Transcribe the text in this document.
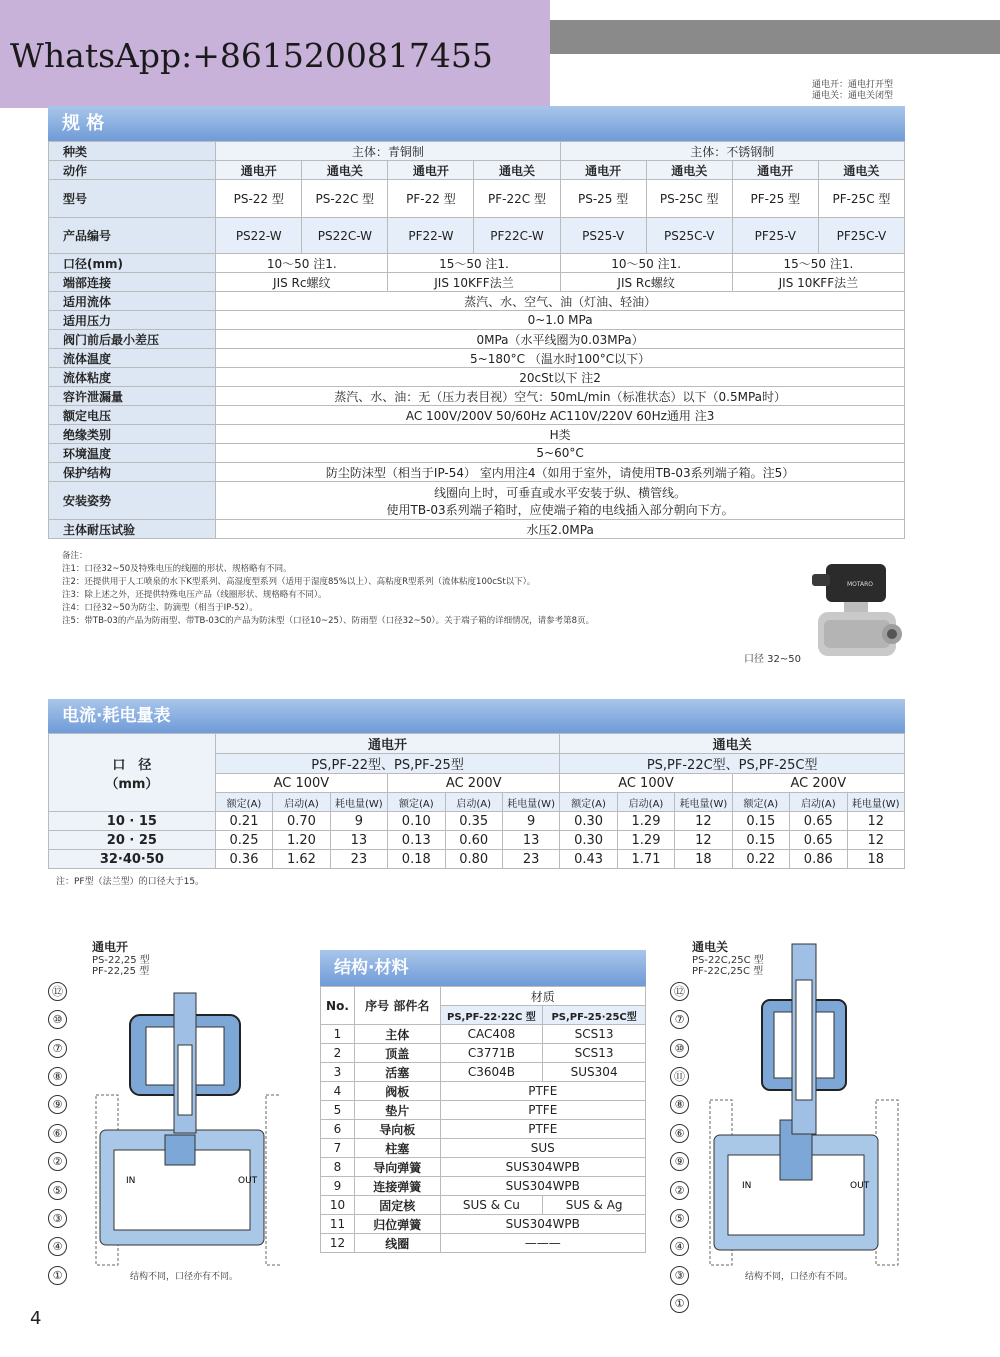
WhatsApp:+8615200817455
通电开：通电打开型
通电关：通电关闭型
规 格
种类	主体：青铜制				主体：不锈钢制			
动作	通电开	通电关	通电开	通电关	通电开	通电关	通电开	通电关
型号	PS-22 型	PS-22C 型	PF-22 型	PF-22C 型	PS-25 型	PS-25C 型	PF-25 型	PF-25C 型
产品编号	PS22-W	PS22C-W	PF22-W	PF22C-W	PS25-V	PS25C-V	PF25-V	PF25C-V
口径(mm)	10～50 注1.		15～50 注1.		10～50 注1.		15～50 注1.	
端部连接	JIS Rc螺纹		JIS 10KFF法兰		JIS Rc螺纹		JIS 10KFF法兰	
适用流体	蒸汽、水、空气、油（灯油、轻油）							
适用压力	0~1.0 MPa							
阀门前后最小差压	0MPa（水平线圈为0.03MPa）							
流体温度	5~180°C （温水时100°C以下）							
流体粘度	20cSt以下 注2							
容许泄漏量	蒸汽、水、油：无（压力表目视）空气：50mL/min（标准状态）以下（0.5MPa时）							
额定电压	AC 100V/200V 50/60Hz AC110V/220V 60Hz通用 注3							
绝缘类别	H类							
环境温度	5~60°C							
保护结构	防尘防沫型（相当于IP-54） 室内用注4（如用于室外，请使用TB-03系列端子箱。注5）							
安装姿势	线圈向上时，可垂直或水平安装于纵、横管线。
使用TB-03系列端子箱时，应使端子箱的电线插入部分朝向下方。							

主体耐压试验	水压2.0MPa							
备注：
注1：口径32~50及特殊电压的线圈的形状、规格略有不同。
注2：还提供用于人工喷泉的水下K型系列、高湿度型系列（适用于湿度85%以上）、高粘度R型系列（流体粘度100cSt以下）。
注3：除上述之外，还提供特殊电压产品（线圈形状、规格略有不同）。
注4：口径32~50为防尘、防滴型（相当于IP-52）。
注5：带TB-03的产品为防雨型、带TB-03C的产品为防沫型（口径10~25）、防雨型（口径32~50）。关于端子箱的详细情况，请参考第8页。
MOTARO
口径 32~50
电流·耗电量表
口　径
（mm）	通电开						通电关					
	PS,PF-22型、PS,PF-25型						PS,PF-22C型、PS,PF-25C型					
	AC 100V			AC 200V			AC 100V			AC 200V		
	额定(A)	启动(A)	耗电量(W)	额定(A)	启动(A)	耗电量(W)	额定(A)	启动(A)	耗电量(W)	额定(A)	启动(A)	耗电量(W)
10 · 15	0.21	0.70	9	0.10	0.35	9	0.30	1.29	12	0.15	0.65	12
20 · 25	0.25	1.20	13	0.13	0.60	13	0.30	1.29	12	0.15	0.65	12
32·40·50	0.36	1.62	23	0.18	0.80	23	0.43	1.71	18	0.22	0.86	18
注：PF型（法兰型）的口径大于15。
通电开
PS-22,25 型
PF-22,25 型
IN	OUT
⑫
⑩
⑦
⑧
⑨
⑥
②
⑤
③
④
①	结构不同，口径亦有不同。
结构·材料
No.	序号 部件名	材质	
		PS,PF-22·22C 型	PS,PF-25·25C型
1	主体	CAC408	SCS13
2	顶盖	C3771B	SCS13
3	活塞	C3604B	SUS304
4	阀板	PTFE	
5	垫片	PTFE	
6	导向板	PTFE	
7	柱塞	SUS	
8	导向弹簧	SUS304WPB	
9	连接弹簧	SUS304WPB	
10	固定核	SUS & Cu	SUS & Ag
11	归位弹簧	SUS304WPB	
12	线圈	———	
通电关
PS-22C,25C 型
PF-22C,25C 型
IN	OUT
⑫
⑦
⑩
⑪
⑧
⑥
⑨
②
⑤
④
③
①
结构不同，口径亦有不同。
4
